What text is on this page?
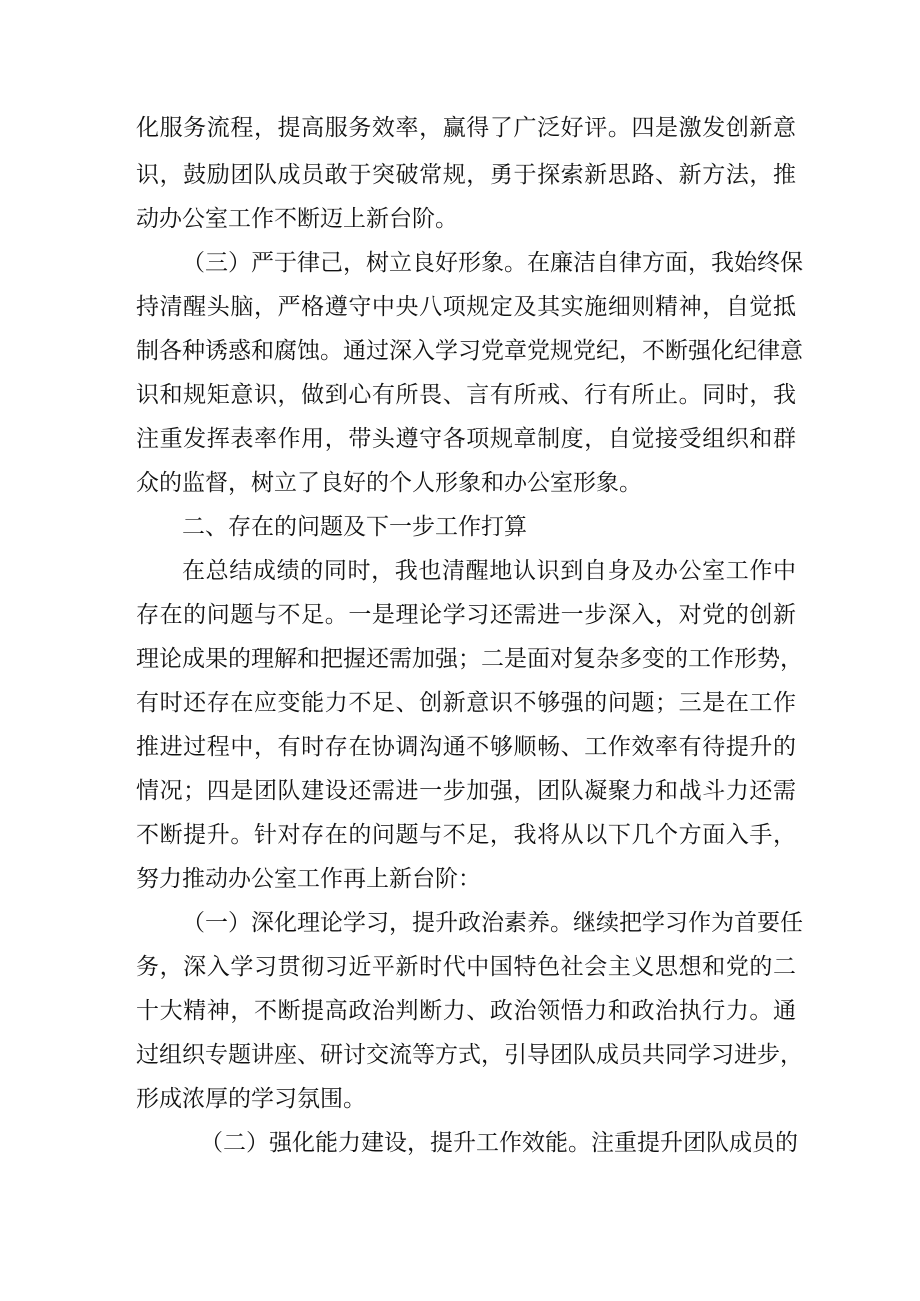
化服务流程，提高服务效率，赢得了广泛好评。四是激发创新意
识，鼓励团队成员敢于突破常规，勇于探索新思路、新方法，推
动办公室工作不断迈上新台阶。
（三）严于律己，树立良好形象。在廉洁自律方面，我始终保
持清醒头脑，严格遵守中央八项规定及其实施细则精神，自觉抵
制各种诱惑和腐蚀。通过深入学习党章党规党纪，不断强化纪律意
识和规矩意识，做到心有所畏、言有所戒、行有所止。同时，我
注重发挥表率作用，带头遵守各项规章制度，自觉接受组织和群
众的监督，树立了良好的个人形象和办公室形象。
二、存在的问题及下一步工作打算
在总结成绩的同时，我也清醒地认识到自身及办公室工作中
存在的问题与不足。一是理论学习还需进一步深入，对党的创新
理论成果的理解和把握还需加强；二是面对复杂多变的工作形势，
有时还存在应变能力不足、创新意识不够强的问题；三是在工作
推进过程中，有时存在协调沟通不够顺畅、工作效率有待提升的
情况；四是团队建设还需进一步加强，团队凝聚力和战斗力还需
不断提升。针对存在的问题与不足，我将从以下几个方面入手，
努力推动办公室工作再上新台阶：
（一）深化理论学习，提升政治素养。继续把学习作为首要任
务，深入学习贯彻习近平新时代中国特色社会主义思想和党的二
十大精神，不断提高政治判断力、政治领悟力和政治执行力。通
过组织专题讲座、研讨交流等方式，引导团队成员共同学习进步，
形成浓厚的学习氛围。
（二）强化能力建设，提升工作效能。注重提升团队成员的
